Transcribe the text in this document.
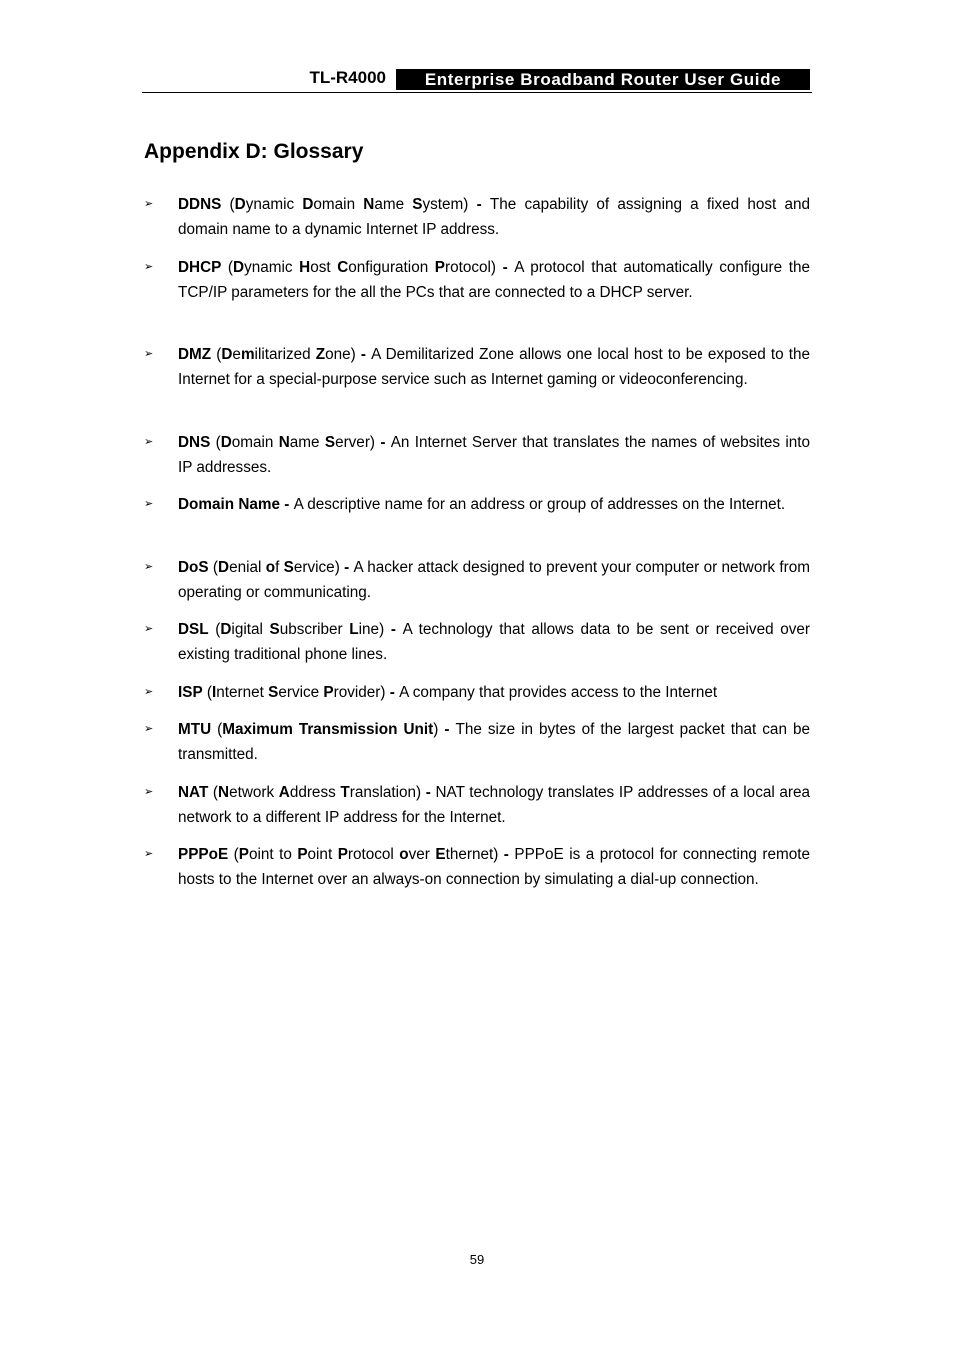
TL-R4000	Enterprise Broadband Router User Guide
Appendix D: Glossary
➢ DDNS (Dynamic Domain Name System) - The capability of assigning a fixed host and domain name to a dynamic Internet IP address.
➢ DHCP (Dynamic Host Configuration Protocol) - A protocol that automatically configure the TCP/IP parameters for the all the PCs that are connected to a DHCP server.
➢ DMZ (Demilitarized Zone) - A Demilitarized Zone allows one local host to be exposed to the Internet for a special-purpose service such as Internet gaming or videoconferencing.
➢ DNS (Domain Name Server) - An Internet Server that translates the names of websites into IP addresses.
➢ Domain Name - A descriptive name for an address or group of addresses on the Internet.
➢ DoS (Denial of Service) - A hacker attack designed to prevent your computer or network from operating or communicating.
➢ DSL (Digital Subscriber Line) - A technology that allows data to be sent or received over existing traditional phone lines.
➢ ISP (Internet Service Provider) - A company that provides access to the Internet
➢ MTU (Maximum Transmission Unit) - The size in bytes of the largest packet that can be transmitted.
➢ NAT (Network Address Translation) - NAT technology translates IP addresses of a local area network to a different IP address for the Internet.
➢ PPPoE (Point to Point Protocol over Ethernet) - PPPoE is a protocol for connecting remote hosts to the Internet over an always-on connection by simulating a dial-up connection.
59
